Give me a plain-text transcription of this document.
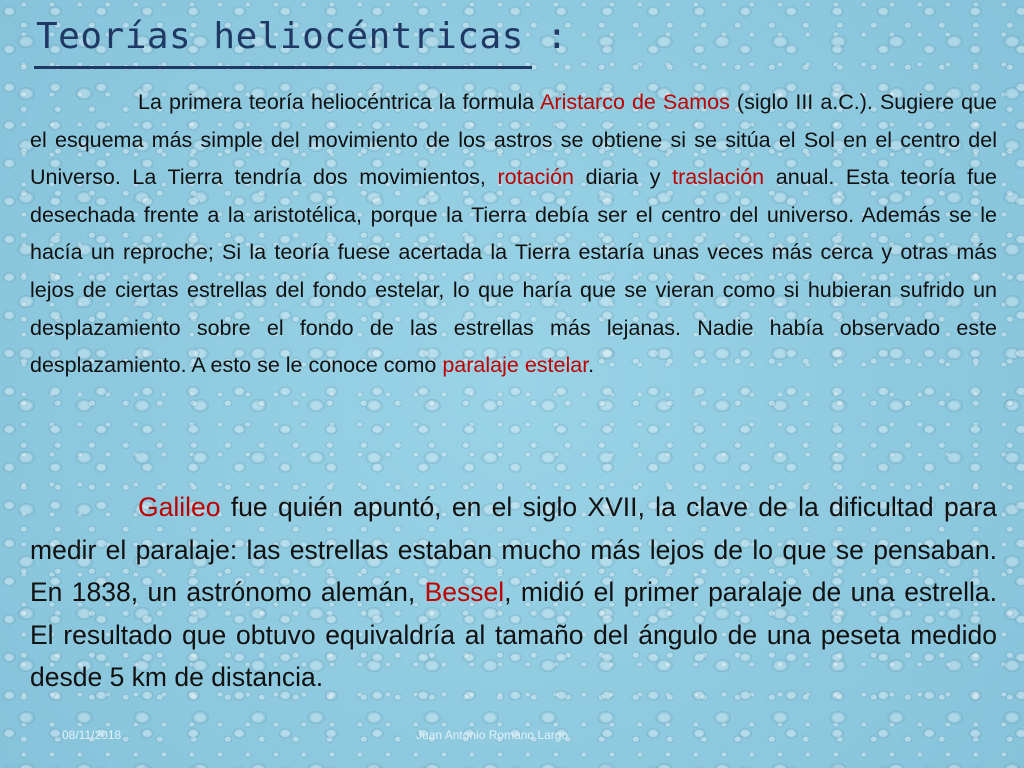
Teorías heliocéntricas :

La primera teoría heliocéntrica la formula Aristarco de Samos (siglo III a.C.). Sugiere que el esquema más simple del movimiento de los astros se obtiene si se sitúa el Sol en el centro del Universo. La Tierra tendría dos movimientos, rotación diaria y traslación anual. Esta teoría fue desechada frente a la aristotélica, porque la Tierra debía ser el centro del universo. Además se le hacía un reproche; Si la teoría fuese acertada la Tierra estaría unas veces más cerca y otras más lejos de ciertas estrellas del fondo estelar, lo que haría que se vieran como si hubieran sufrido un desplazamiento sobre el fondo de las estrellas más lejanas. Nadie había observado este desplazamiento. A esto se le conoce como paralaje estelar.

Galileo fue quién apuntó, en el siglo XVII, la clave de la dificultad para medir el paralaje: las estrellas estaban mucho más lejos de lo que se pensaban. En 1838, un astrónomo alemán, Bessel, midió el primer paralaje de una estrella. El resultado que obtuvo equivaldría al tamaño del ángulo de una peseta medido desde 5 km de distancia.

08/11/2018	Juan Antonio Romano Largo
